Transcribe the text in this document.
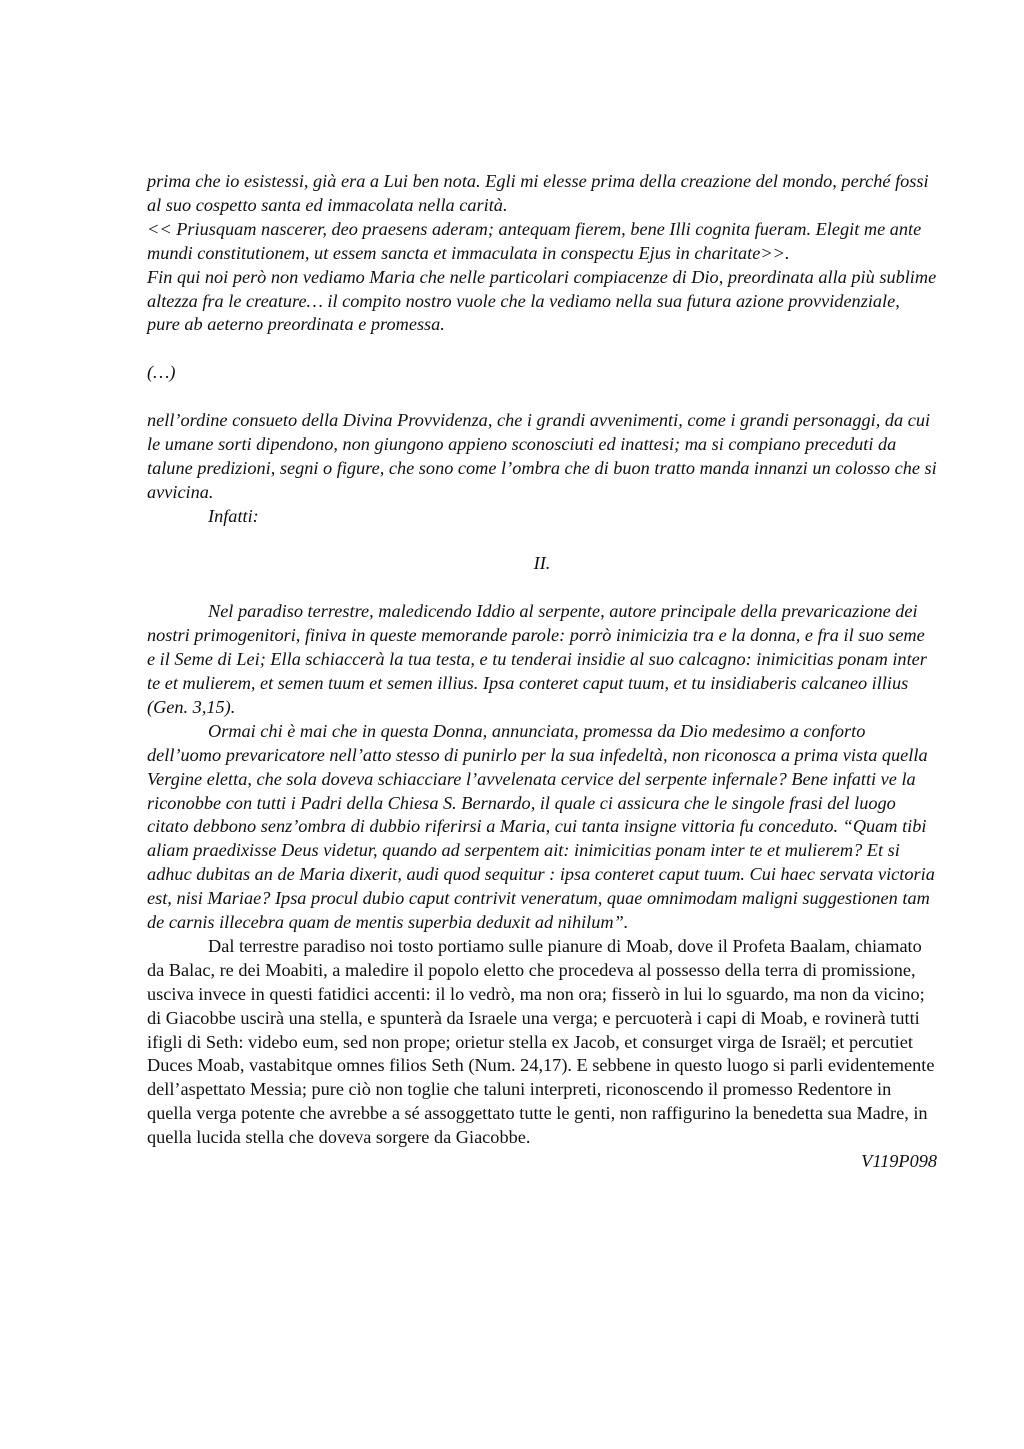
prima che io esistessi, già era a Lui ben nota. Egli mi elesse prima della creazione del mondo, perché fossi al suo cospetto santa ed immacolata nella carità.

<< Priusquam nascerer, deo praesens aderam; antequam fierem, bene Illi cognita fueram. Elegit me ante mundi constitutionem, ut essem sancta et immaculata in conspectu Ejus in charitate>>.

Fin qui noi però non vediamo Maria che nelle particolari compiacenze di Dio, preordinata alla più sublime altezza fra le creature… il compito nostro vuole che la vediamo nella sua futura azione provvidenziale, pure ab aeterno preordinata e promessa.

(…)

nell’ordine consueto della Divina Provvidenza, che i grandi avvenimenti, come i grandi personaggi, da cui le umane sorti dipendono, non giungono appieno sconosciuti ed inattesi; ma si compiano preceduti da talune predizioni, segni o figure, che sono come l’ombra che di buon tratto manda innanzi un colosso che si avvicina.

Infatti:

II.

Nel paradiso terrestre, maledicendo Iddio al serpente, autore principale della prevaricazione dei nostri primogenitori, finiva in queste memorande parole: porrò inimicizia tra e la donna, e fra il suo seme e il Seme di Lei; Ella schiaccerà la tua testa, e tu tenderai insidie al suo calcagno: inimicitias ponam inter te et mulierem, et semen tuum et semen illius. Ipsa conteret caput tuum, et tu insidiaberis calcaneo illius (Gen. 3,15).

Ormai chi è mai che in questa Donna, annunciata, promessa da Dio medesimo a conforto dell’uomo prevaricatore nell’atto stesso di punirlo per la sua infedeltà, non riconosca a prima vista quella Vergine eletta, che sola doveva schiacciare l’avvelenata cervice del serpente infernale? Bene infatti ve la riconobbe con tutti i Padri della Chiesa S. Bernardo, il quale ci assicura che le singole frasi del luogo citato debbono senz’ombra di dubbio riferirsi a Maria, cui tanta insigne vittoria fu conceduto. “Quam tibi aliam praedixisse Deus videtur, quando ad serpentem ait: inimicitias ponam inter te et mulierem? Et si adhuc dubitas an de Maria dixerit, audi quod sequitur : ipsa conteret caput tuum. Cui haec servata victoria est, nisi Mariae? Ipsa procul dubio caput contrivit veneratum, quae omnimodam maligni suggestionen tam de carnis illecebra quam de mentis superbia deduxit ad nihilum”.

Dal terrestre paradiso noi tosto portiamo sulle pianure di Moab, dove il Profeta Baalam, chiamato da Balac, re dei Moabiti, a maledire il popolo eletto che procedeva al possesso della terra di promissione, usciva invece in questi fatidici accenti: il lo vedrò, ma non ora; fisserò in lui lo sguardo, ma non da vicino; di Giacobbe uscirà una stella, e spunterà da Israele una verga; e percuoterà i capi di Moab, e rovinerà tutti ifigli di Seth: videbo eum, sed non prope; orietur stella ex Jacob, et consurget virga de Israël; et percutiet Duces Moab, vastabitque omnes filios Seth (Num. 24,17). E sebbene in questo luogo si parli evidentemente dell’aspettato Messia; pure ciò non toglie che taluni interpreti, riconoscendo il promesso Redentore in quella verga potente che avrebbe a sé assoggettato tutte le genti, non raffigurino la benedetta sua Madre, in quella lucida stella che doveva sorgere da Giacobbe.

V119P098
